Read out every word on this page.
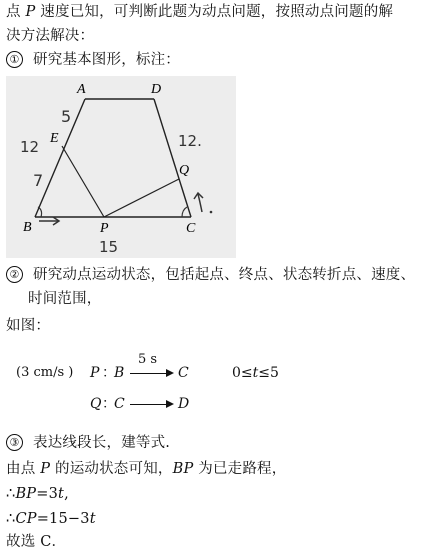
点 P 速度已知，可判断此题为动点问题，按照动点问题的解
决方法解决：
① 研究基本图形，标注：
A	D
E
Q
B	P	C
5
12
7
12.
15
② 研究动点运动状态，包括起点、终点、状态转折点、速度、
时间范围，
如图：
(3 cm/s ) P ：
B
5 s
C	0≤t≤5
Q ：
C	D
③ 表达线段长，建等式.
由点 P 的运动状态可知，BP 为已走路程，
∴BP=3t,
∴CP=15−3t
故选 C．
